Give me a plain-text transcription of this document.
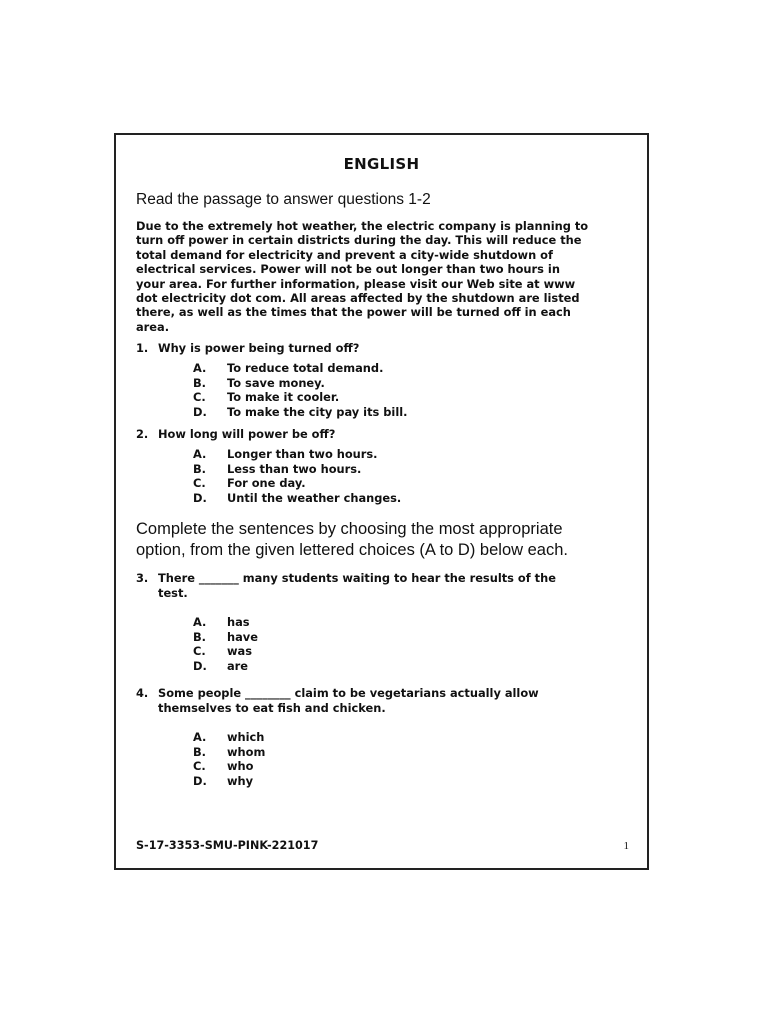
ENGLISH
Read the passage to answer questions 1-2
Due to the extremely hot weather, the electric company is planning to
turn off power in certain districts during the day. This will reduce the
total demand for electricity and prevent a city-wide shutdown of
electrical services. Power will not be out longer than two hours in
your area. For further information, please visit our Web site at www
dot electricity dot com. All areas affected by the shutdown are listed
there, as well as the times that the power will be turned off in each
area.
1. Why is power being turned off?
A. To reduce total demand.
B. To save money.
C. To make it cooler.
D. To make the city pay its bill.
2. How long will power be off?
A. Longer than two hours.
B. Less than two hours.
C. For one day.
D. Until the weather changes.
Complete the sentences by choosing the most appropriate
option, from the given lettered choices (A to D) below each.
3. There _______ many students waiting to hear the results of the
test.
A. has
B. have
C. was
D. are
4. Some people ________ claim to be vegetarians actually allow
themselves to eat fish and chicken.
A. which
B. whom
C. who
D. why
S-17-3353-SMU-PINK-221017	1
